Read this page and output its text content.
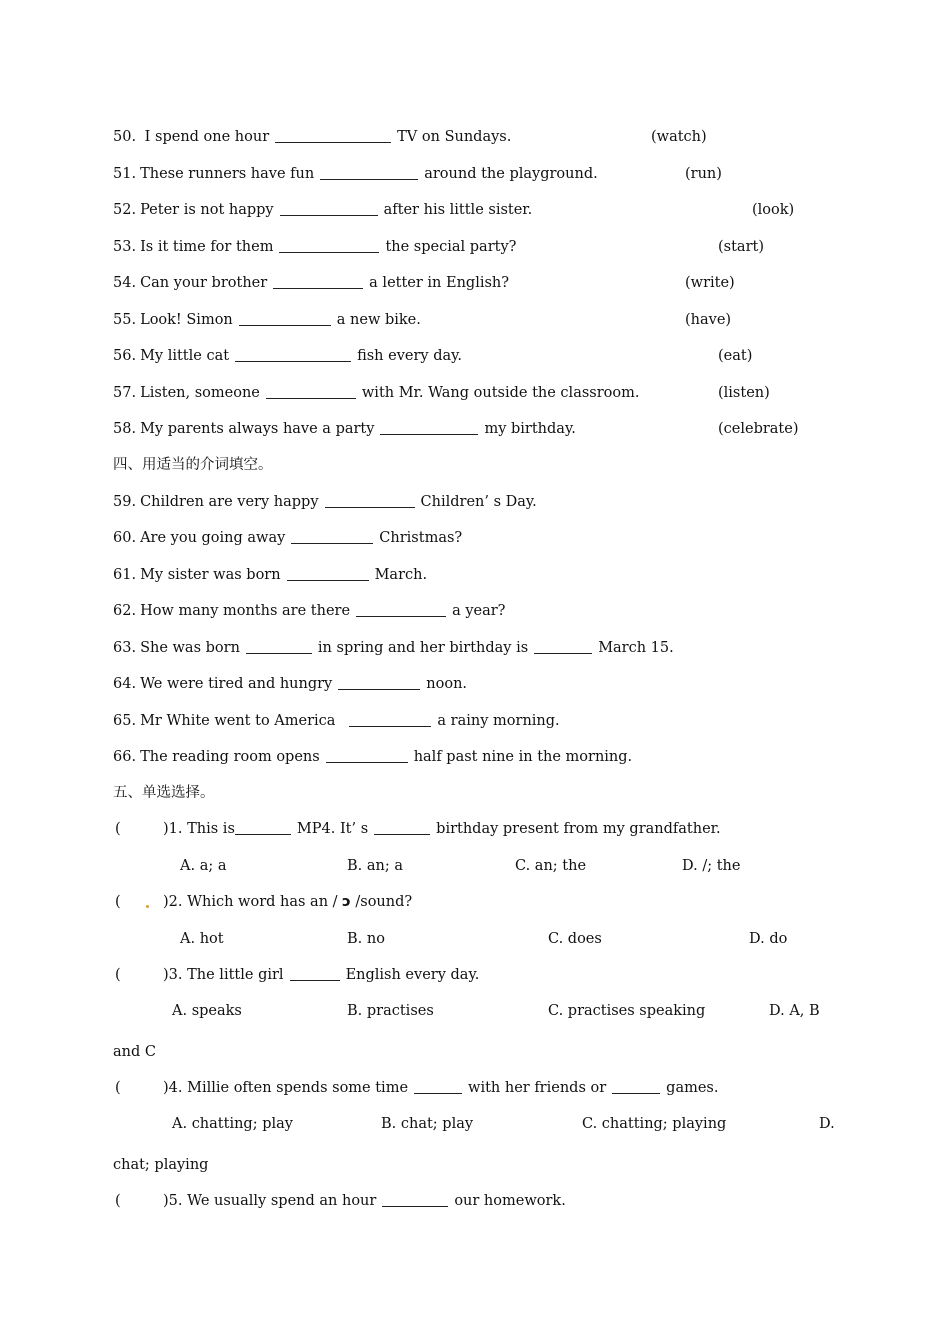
50. I spend one hour	TV on Sundays.	(watch)
51. These runners have fun	around the playground.	(run)
52. Peter is not happy	after his little sister.	(look)
53. Is it time for them	the special party?	(start)
54. Can your brother	a letter in English?	(write)
55. Look! Simon	a new bike.	(have)
56. My little cat	fish every day.	(eat)
57. Listen, someone	with Mr. Wang outside the classroom.	(listen)
58. My parents always have a party	my birthday.	(celebrate)
四、用适当的介词填空。
59. Children are very happy	Children’ s Day.
60. Are you going away	Christmas?
61. My sister was born	March.
62. How many months are there	a year?
63. She was born	in spring and her birthday is	March 15.
64. We were tired and hungry	noon.
65. Mr White went to America	a rainy morning.
66. The reading room opens	half past nine in the morning.
五、单选选择。
(	)1. This is	MP4. It’ s	birthday present from my grandfather.
A. a; a	B. an; a	C. an; the	D. /; the
(	)2. Which word has an / ɔ /sound?
A. hot	B. no	C. does	D. do
(	)3. The little girl	English every day.
A. speaks	B. practises	C. practises speaking	D. A, B
and C
(	)4. Millie often spends some time	with her friends or	games.
A. chatting; play	B. chat; play	C. chatting; playing	D.
chat; playing
(	)5. We usually spend an hour	our homework.
